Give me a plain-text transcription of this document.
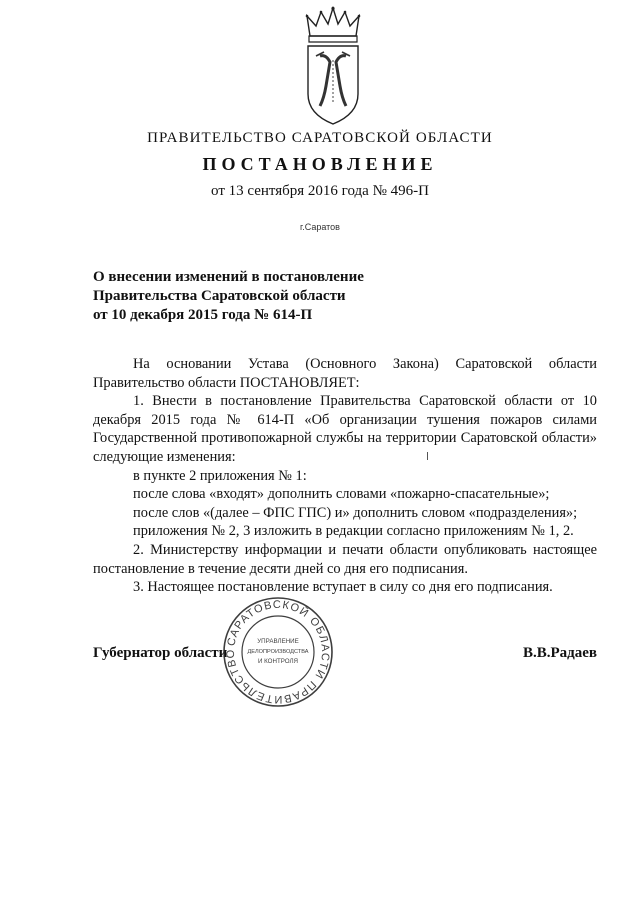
ПРАВИТЕЛЬСТВО САРАТОВСКОЙ ОБЛАСТИ
ПОСТАНОВЛЕНИЕ
от 13 сентября 2016 года № 496-П
г.Саратов
О внесении изменений в постановление
Правительства Саратовской области
от 10 декабря 2015 года № 614-П

На основании Устава (Основного Закона) Саратовской области Правительство области ПОСТАНОВЛЯЕТ:

1. Внести в постановление Правительства Саратовской области от 10 декабря 2015 года № 614-П «Об организации тушения пожаров силами Государственной противопожарной службы на территории Саратовской области» следующие изменения:

в пункте 2 приложения № 1:

после слова «входят» дополнить словами «пожарно-спасательные»;

после слов «(далее – ФПС ГПС) и» дополнить словом «подразделения»;

приложения № 2, 3 изложить в редакции согласно приложениям № 1, 2.

2. Министерству информации и печати области опубликовать настоящее постановление в течение десяти дней со дня его подписания.

3. Настоящее постановление вступает в силу со дня его подписания.

Губернатор области	В.В.Радаев
САРАТОВСКОЙ ОБЛАСТИ ПРАВИТЕЛЬСТВО
УПРАВЛЕНИЕ
ДЕЛОПРОИЗВОДСТВА
И КОНТРОЛЯ
